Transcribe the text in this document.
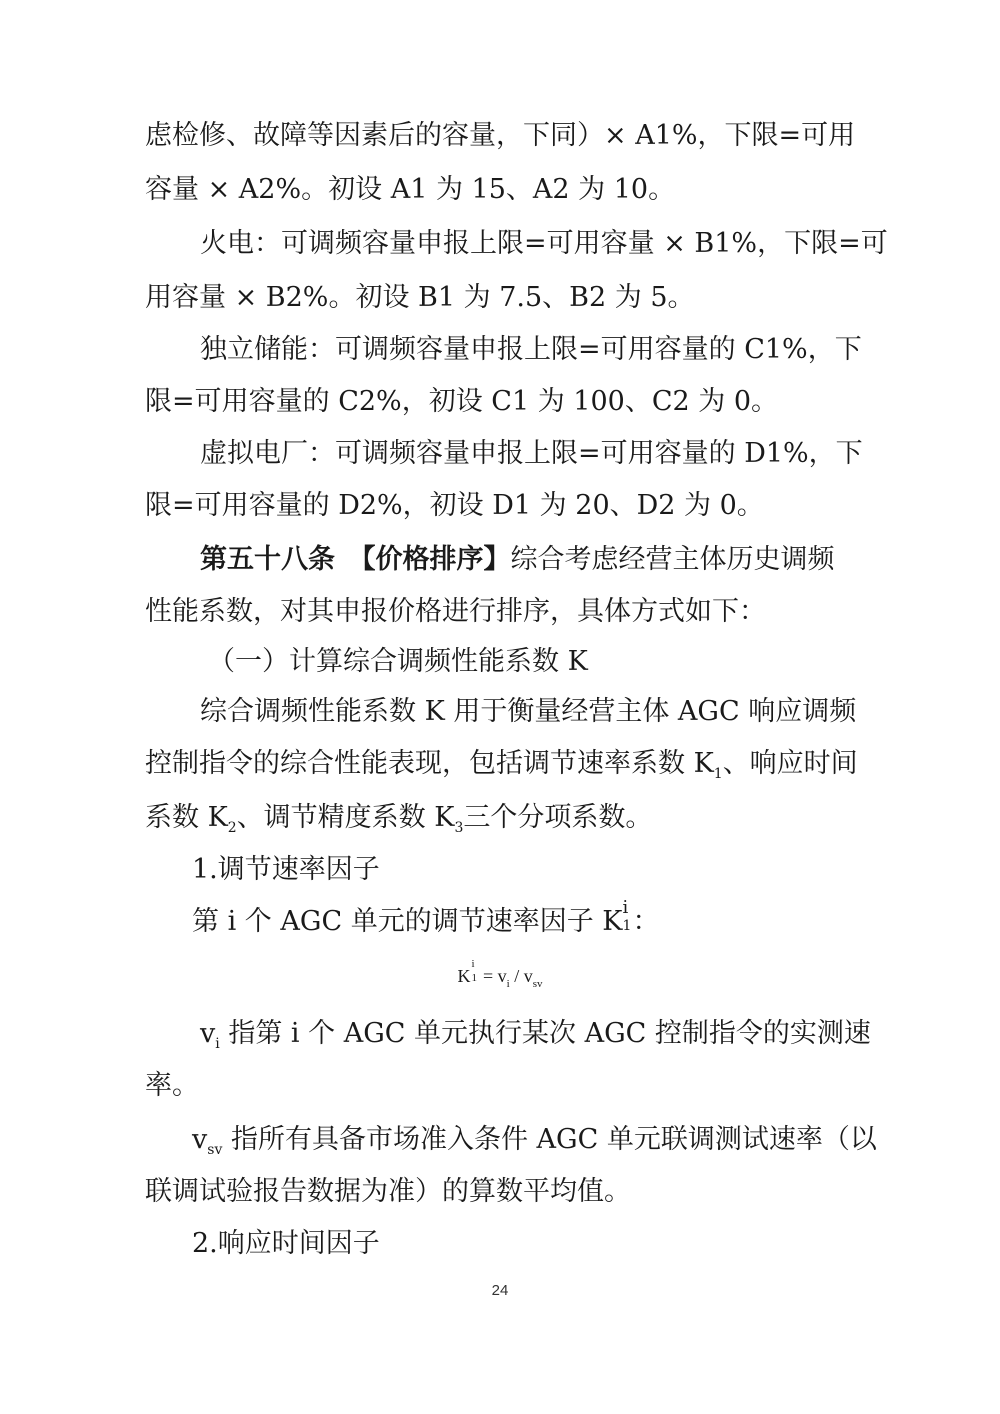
虑检修、故障等因素后的容量，下同）× A1%，下限=可用
容量 × A2%。初设 A1 为 15、A2 为 10。
火电：可调频容量申报上限=可用容量 × B1%，下限=可
用容量 × B2%。初设 B1 为 7.5、B2 为 5。
独立储能：可调频容量申报上限=可用容量的 C1%，下
限=可用容量的 C2%，初设 C1 为 100、C2 为 0。
虚拟电厂：可调频容量申报上限=可用容量的 D1%，下
限=可用容量的 D2%，初设 D1 为 20、D2 为 0。
第五十八条　【价格排序】综合考虑经营主体历史调频
性能系数，对其申报价格进行排序，具体方式如下：
（一）计算综合调频性能系数 K
综合调频性能系数 K 用于衡量经营主体 AGC 响应调频
控制指令的综合性能表现，包括调节速率系数 $K_1$、响应时间
系数 $K_2$、调节精度系数 $K_3$三个分项系数。
1.调节速率因子
第 i 个 AGC 单元的调节速率因子 K i
1 ：
K
i
$1 = v_i / v_{sv}$
$v_i$ 指第 i 个 AGC 单元执行某次 AGC 控制指令的实测速
率。
$v_{sv}$ 指所有具备市场准入条件 AGC 单元联调测试速率（以
联调试验报告数据为准）的算数平均值。
2.响应时间因子
24
